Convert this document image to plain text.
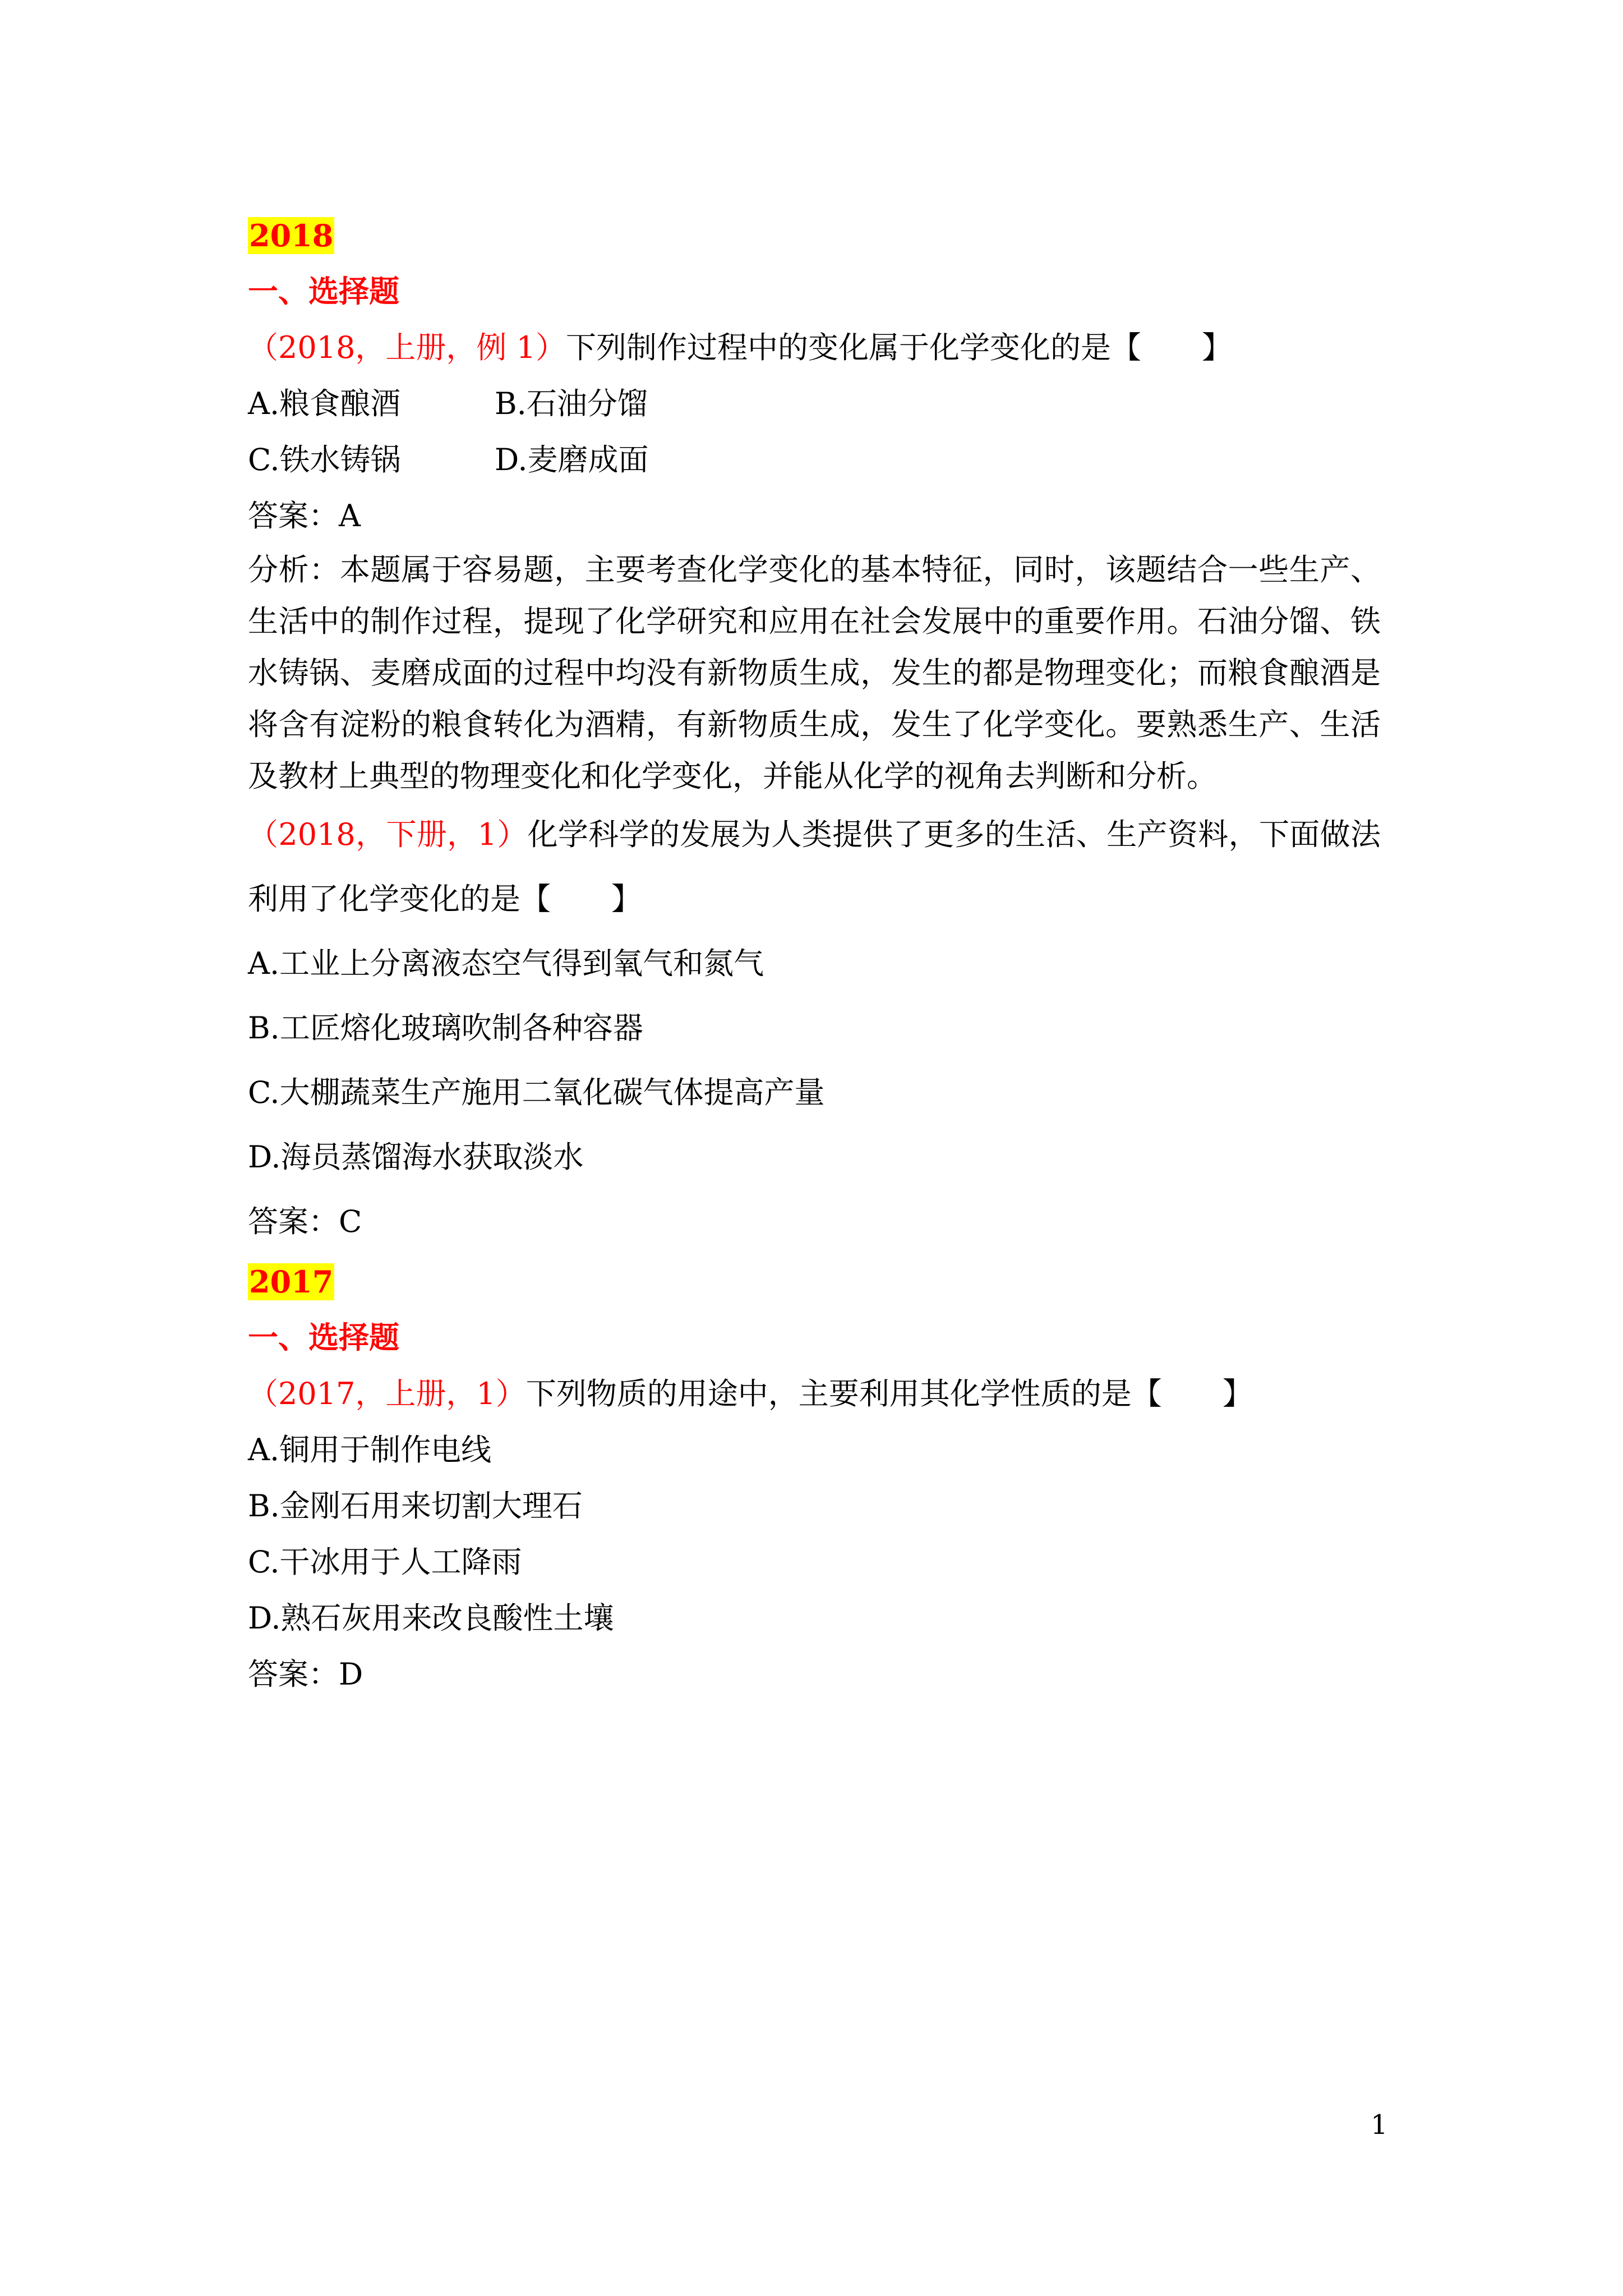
2018
一、选择题

（2018，上册，例 1）下列制作过程中的变化属于化学变化的是【　　】

A.粮食酿酒	B.石油分馏
C.铁水铸锅	D.麦磨成面

答案：A

分析：本题属于容易题，主要考查化学变化的基本特征，同时，该题结合一些生产、生活中的制作过程，提现了化学研究和应用在社会发展中的重要作用。石油分馏、铁水铸锅、麦磨成面的过程中均没有新物质生成，发生的都是物理变化；而粮食酿酒是将含有淀粉的粮食转化为酒精，有新物质生成，发生了化学变化。要熟悉生产、生活及教材上典型的物理变化和化学变化，并能从化学的视角去判断和分析。

（2018，下册，1）化学科学的发展为人类提供了更多的生活、生产资料，下面做法利用了化学变化的是【　　】

A.工业上分离液态空气得到氧气和氮气

B.工匠熔化玻璃吹制各种容器

C.大棚蔬菜生产施用二氧化碳气体提高产量

D.海员蒸馏海水获取淡水

答案：C

2017
一、选择题

（2017，上册，1）下列物质的用途中，主要利用其化学性质的是【　　】

A.铜用于制作电线

B.金刚石用来切割大理石

C.干冰用于人工降雨

D.熟石灰用来改良酸性土壤

答案：D

1
